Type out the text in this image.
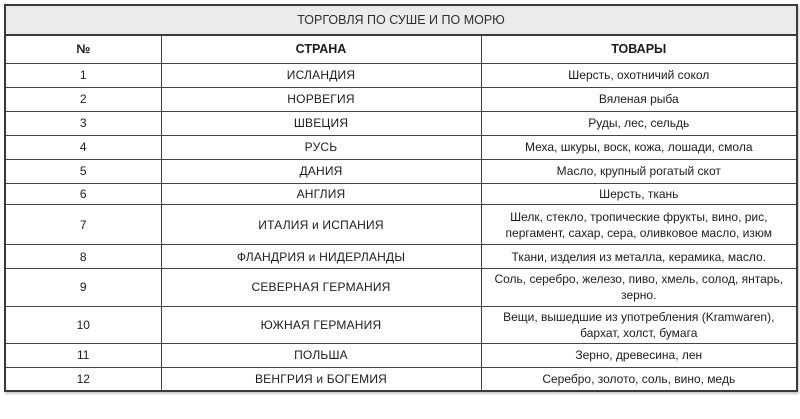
ТОРГОВЛЯ ПО СУШЕ И ПО МОРЮ		
№	СТРАНА	ТОВАРЫ
1	ИСЛАНДИЯ	Шерсть, охотничий сокол
2	НОРВЕГИЯ	Вяленая рыба
3	ШВЕЦИЯ	Руды, лес, сельдь
4	РУСЬ	Меха, шкуры, воск, кожа, лошади, смола
5	ДАНИЯ	Масло, крупный рогатый скот
6	АНГЛИЯ	Шерсть, ткань
7	ИТАЛИЯ и ИСПАНИЯ	Шелк, стекло, тропические фрукты, вино, рис, пергамент, сахар, сера, оливковое масло, изюм
8	ФЛАНДРИЯ и НИДЕРЛАНДЫ	Ткани, изделия из металла, керамика, масло.
9	СЕВЕРНАЯ ГЕРМАНИЯ	Соль, серебро, железо, пиво, хмель, солод, янтарь, зерно.
10	ЮЖНАЯ ГЕРМАНИЯ	Вещи, вышедшие из употребления (Kramwaren), бархат, холст, бумага
11	ПОЛЬША	Зерно, древесина, лен
12	ВЕНГРИЯ и БОГЕМИЯ	Серебро, золото, соль, вино, медь
